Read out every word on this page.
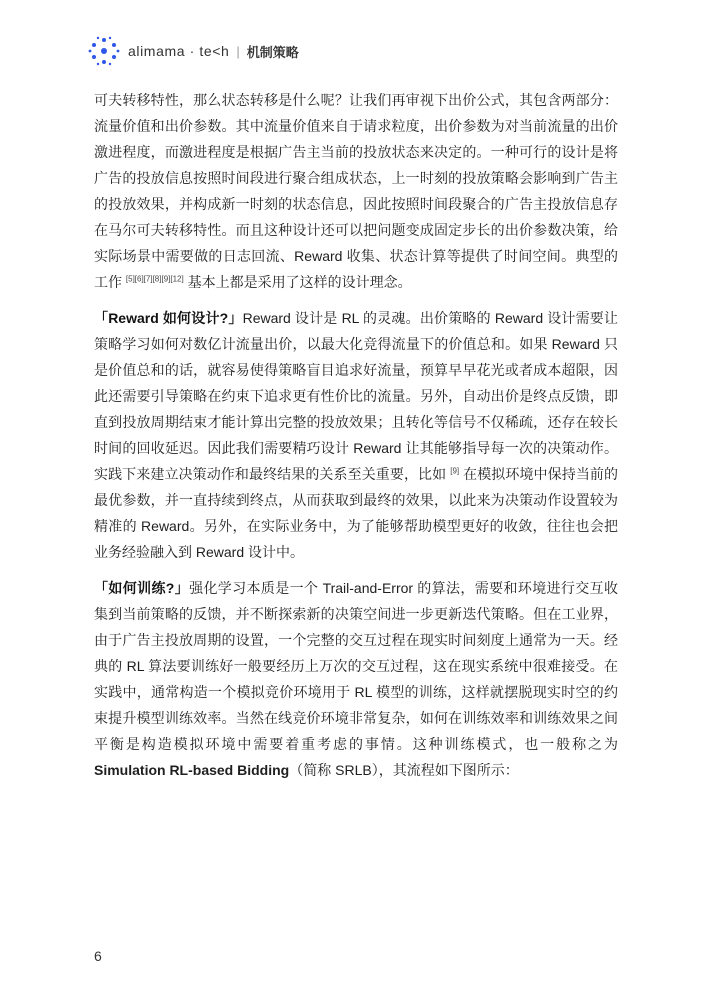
alimama · te<h | 机制策略

可夫转移特性，那么状态转移是什么呢？让我们再审视下出价公式，其包含两部分：流量价值和出价参数。其中流量价值来自于请求粒度，出价参数为对当前流量的出价激进程度，而激进程度是根据广告主当前的投放状态来决定的。一种可行的设计是将广告的投放信息按照时间段进行聚合组成状态，上一时刻的投放策略会影响到广告主的投放效果，并构成新一时刻的状态信息，因此按照时间段聚合的广告主投放信息存在马尔可夫转移特性。而且这种设计还可以把问题变成固定步长的出价参数决策，给实际场景中需要做的日志回流、Reward 收集、状态计算等提供了时间空间。典型的工作 [5][6][7][8][9][12] 基本上都是采用了这样的设计理念。

「Reward 如何设计?」Reward 设计是 RL 的灵魂。出价策略的 Reward 设计需要让策略学习如何对数亿计流量出价，以最大化竞得流量下的价值总和。如果 Reward 只是价值总和的话，就容易使得策略盲目追求好流量，预算早早花光或者成本超限，因此还需要引导策略在约束下追求更有性价比的流量。另外，自动出价是终点反馈，即直到投放周期结束才能计算出完整的投放效果；且转化等信号不仅稀疏，还存在较长时间的回收延迟。因此我们需要精巧设计 Reward 让其能够指导每一次的决策动作。实践下来建立决策动作和最终结果的关系至关重要，比如 [9] 在模拟环境中保持当前的最优参数，并一直持续到终点，从而获取到最终的效果，以此来为决策动作设置较为精准的 Reward。另外，在实际业务中，为了能够帮助模型更好的收敛，往往也会把业务经验融入到 Reward 设计中。

「如何训练?」强化学习本质是一个 Trail-and-Error 的算法，需要和环境进行交互收集到当前策略的反馈，并不断探索新的决策空间进一步更新迭代策略。但在工业界，由于广告主投放周期的设置，一个完整的交互过程在现实时间刻度上通常为一天。经典的 RL 算法要训练好一般要经历上万次的交互过程，这在现实系统中很难接受。在实践中，通常构造一个模拟竞价环境用于 RL 模型的训练，这样就摆脱现实时空的约束提升模型训练效率。当然在线竞价环境非常复杂，如何在训练效率和训练效果之间平衡是构造模拟环境中需要着重考虑的事情。这种训练模式，也一般称之为 Simulation RL-based Bidding（简称 SRLB），其流程如下图所示：

6
